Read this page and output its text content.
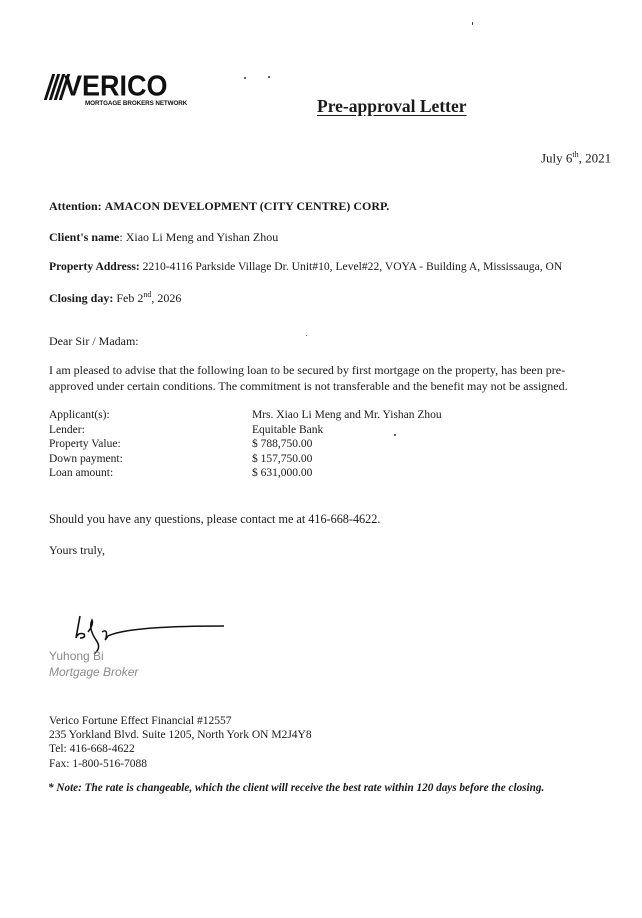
VERICO
MORTGAGE BROKERS NETWORK	Pre-approval Letter
July 6th, 2021
Attention: AMACON DEVELOPMENT (CITY CENTRE) CORP.
Client's name: Xiao Li Meng and Yishan Zhou
Property Address: 2210-4116 Parkside Village Dr. Unit#10, Level#22, VOYA - Building A, Mississauga, ON
Closing day: Feb 2nd, 2026
Dear Sir / Madam:
I am pleased to advise that the following loan to be secured by first mortgage on the property, has been pre-approved under certain conditions. The commitment is not transferable and the benefit may not be assigned.
Applicant(s):	Mrs. Xiao Li Meng and Mr. Yishan Zhou
Lender:	Equitable Bank
Property Value:	$ 788,750.00
Down payment:	$ 157,750.00
Loan amount:	$ 631,000.00
Should you have any questions, please contact me at 416-668-4622.
Yours truly,
Yuhong Bi
Mortgage Broker
Verico Fortune Effect Financial #12557
235 Yorkland Blvd. Suite 1205, North York ON M2J4Y8
Tel: 416-668-4622
Fax: 1-800-516-7088
* Note: The rate is changeable, which the client will receive the best rate within 120 days before the closing.
